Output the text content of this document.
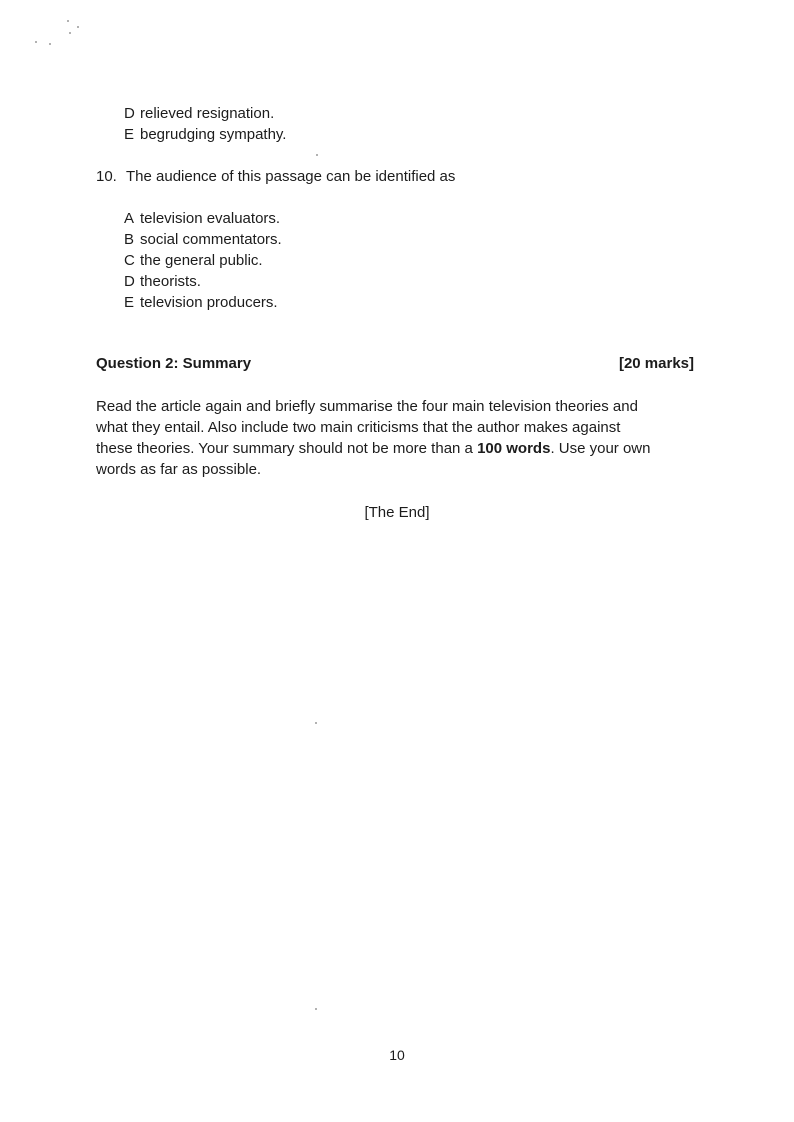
D relieved resignation.
E begrudging sympathy.
10. The audience of this passage can be identified as
A television evaluators.
B social commentators.
C the general public.
D theorists.
E television producers.
Question 2: Summary	[20 marks]
Read the article again and briefly summarise the four main television theories and
what they entail. Also include two main criticisms that the author makes against
these theories. Your summary should not be more than a 100 words. Use your own
words as far as possible.
[The End]
10
